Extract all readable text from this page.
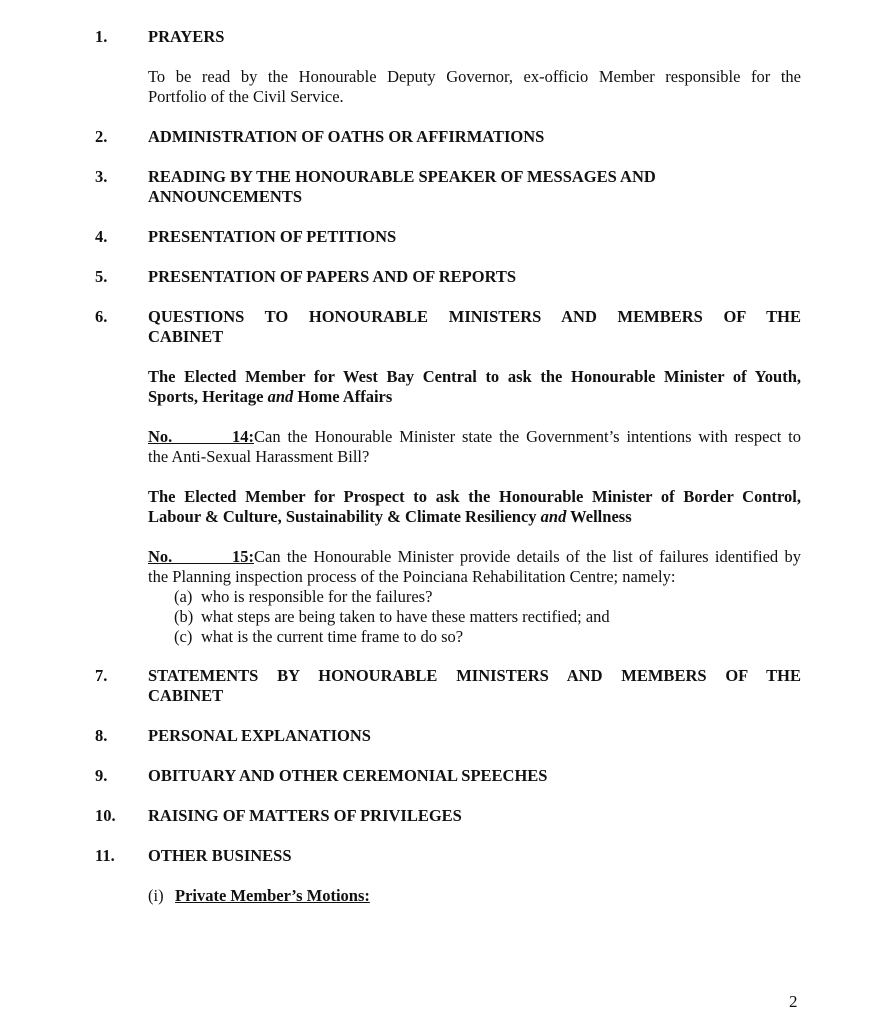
1. PRAYERS
To be read by the Honourable Deputy Governor, ex-officio Member responsible for the
Portfolio of the Civil Service.
2. ADMINISTRATION OF OATHS OR AFFIRMATIONS
3. READING BY THE HONOURABLE SPEAKER OF MESSAGES AND
ANNOUNCEMENTS
4. PRESENTATION OF PETITIONS
5. PRESENTATION OF PAPERS AND OF REPORTS
6. QUESTIONS TO HONOURABLE MINISTERS AND MEMBERS OF THE
CABINET
The Elected Member for West Bay Central to ask the Honourable Minister of Youth,
Sports, Heritage and Home Affairs
No. 14:Can the Honourable Minister state the Government’s intentions with respect to
the Anti-Sexual Harassment Bill?
The Elected Member for Prospect to ask the Honourable Minister of Border Control,
Labour & Culture, Sustainability & Climate Resiliency and Wellness
No. 15:Can the Honourable Minister provide details of the list of failures identified by
the Planning inspection process of the Poinciana Rehabilitation Centre; namely:
(a) who is responsible for the failures?
(b) what steps are being taken to have these matters rectified; and
(c) what is the current time frame to do so?
7. STATEMENTS BY HONOURABLE MINISTERS AND MEMBERS OF THE
CABINET
8. PERSONAL EXPLANATIONS
9. OBITUARY AND OTHER CEREMONIAL SPEECHES
10. RAISING OF MATTERS OF PRIVILEGES
11. OTHER BUSINESS
(i) Private Member’s Motions:
2
